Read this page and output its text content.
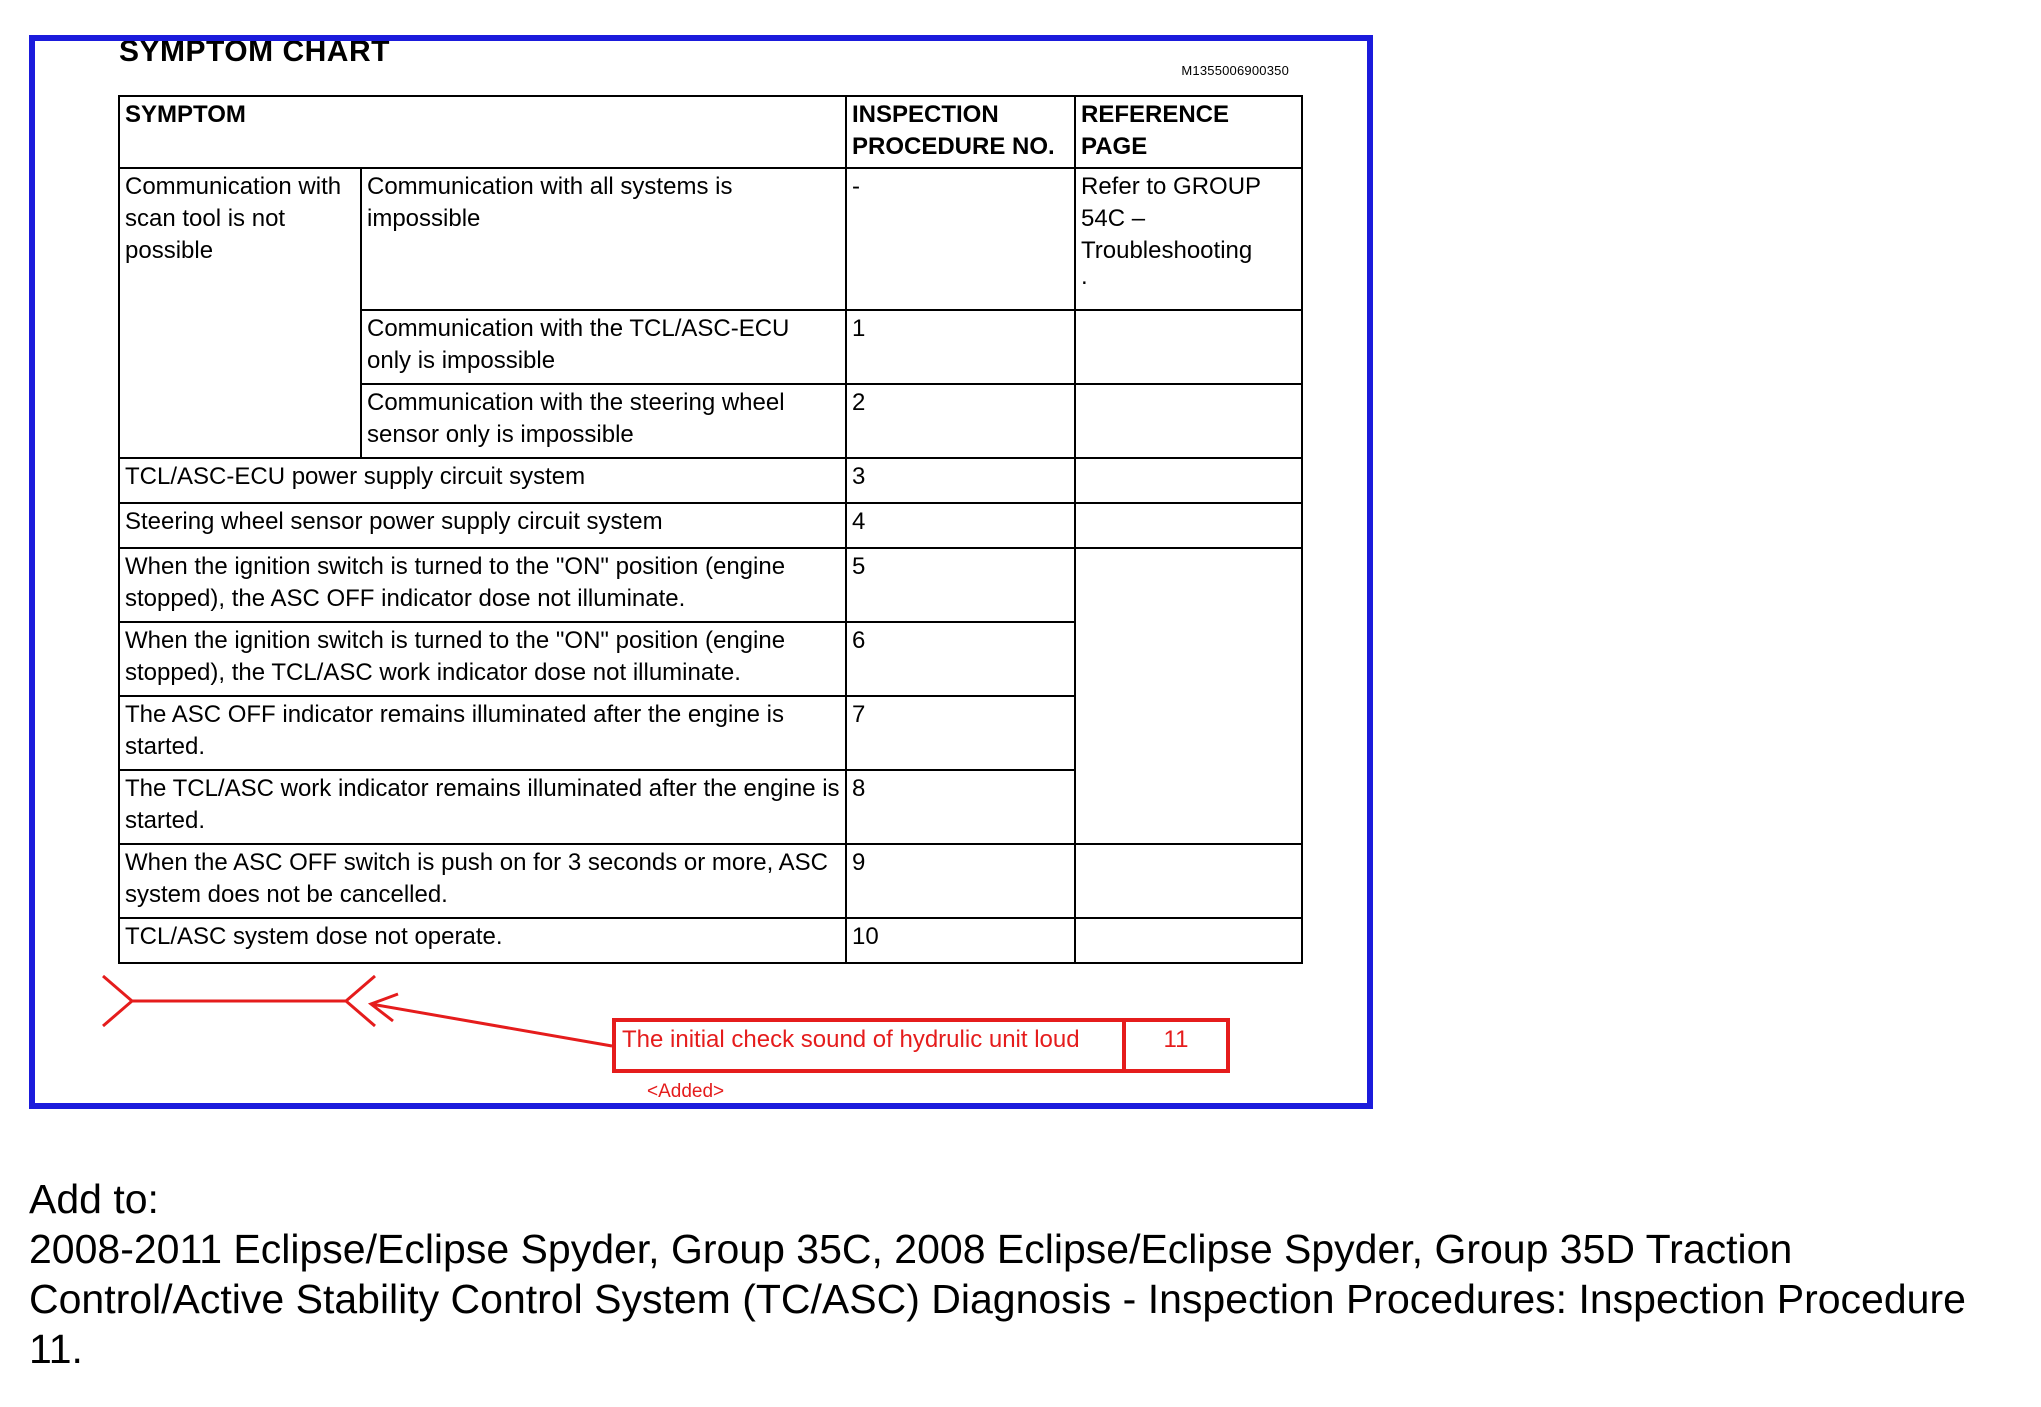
SYMPTOM CHART
M1355006900350
SYMPTOM		INSPECTION PROCEDURE NO.	REFERENCE PAGE
Communication with scan tool is not possible	Communication with all systems is impossible	-	Refer to GROUP 54C – Troubleshooting
.

	Communication with the TCL/ASC-ECU only is impossible	1	
	Communication with the steering wheel sensor only is impossible	2	
TCL/ASC-ECU power supply circuit system		3	
Steering wheel sensor power supply circuit system		4	
When the ignition switch is turned to the "ON" position (engine stopped), the ASC OFF indicator dose not illuminate.		5	
When the ignition switch is turned to the "ON" position (engine stopped), the TCL/ASC work indicator dose not illuminate.		6	
The ASC OFF indicator remains illuminated after the engine is started.		7	
The TCL/ASC work indicator remains illuminated after the engine is started.		8	
When the ASC OFF switch is push on for 3 seconds or more, ASC system does not be cancelled.		9	
TCL/ASC system dose not operate.		10	
The initial check sound of hydrulic unit loud	11
<Added>

Add to:

2008-2011 Eclipse/Eclipse Spyder, Group 35C, 2008 Eclipse/Eclipse Spyder, Group 35D Traction Control/Active Stability Control System (TC/ASC) Diagnosis - Inspection Procedures: Inspection Procedure 11.
